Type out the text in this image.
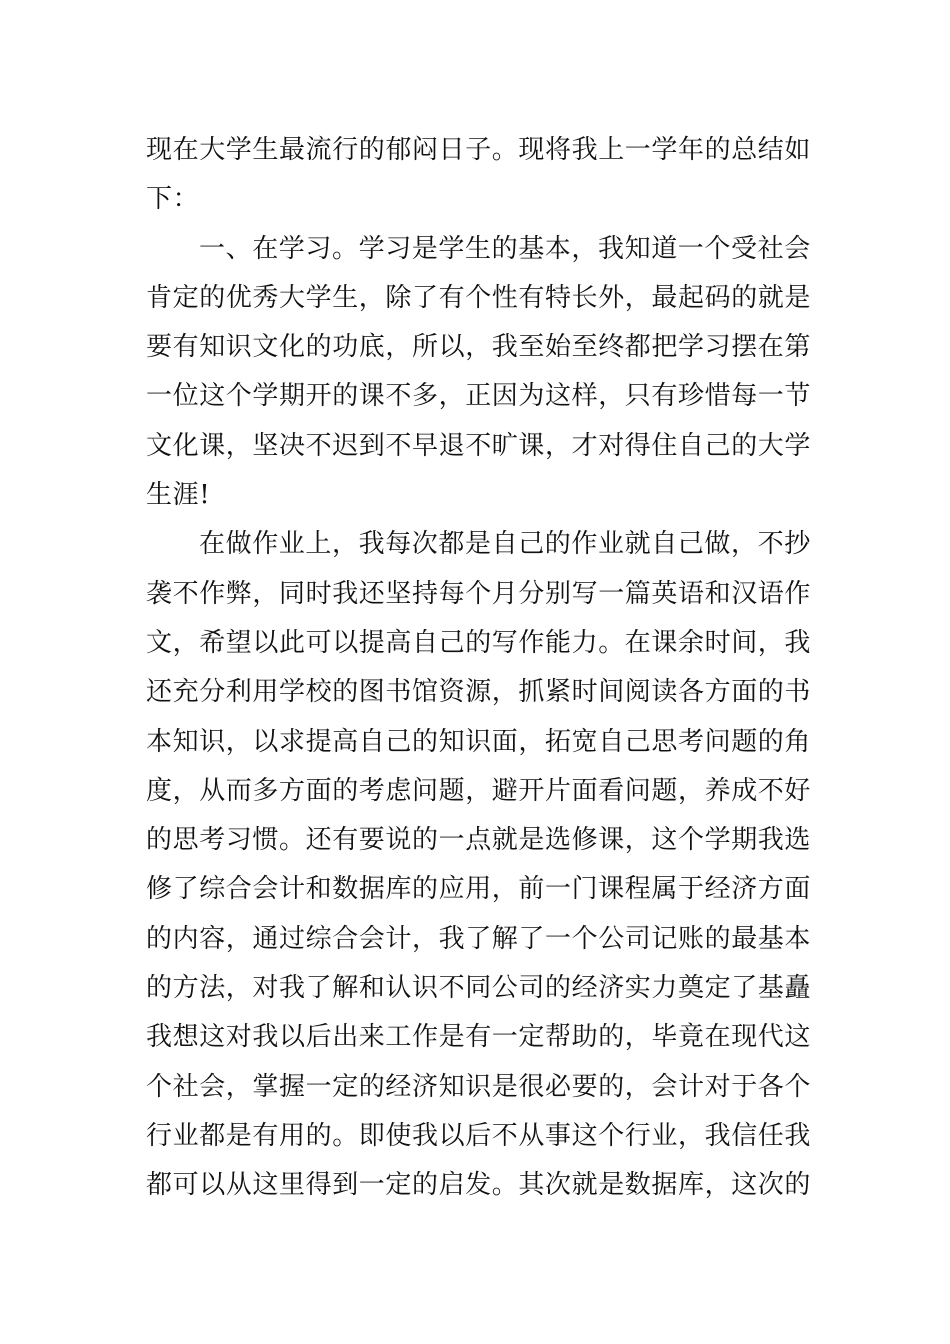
现在大学生最流行的郁闷日子。现将我上一学年的总结如
下：
一、在学习。学习是学生的基本，我知道一个受社会
肯定的优秀大学生，除了有个性有特长外，最起码的就是
要有知识文化的功底，所以，我至始至终都把学习摆在第
一位这个学期开的课不多，正因为这样，只有珍惜每一节
文化课，坚决不迟到不早退不旷课，才对得住自己的大学
生涯!
在做作业上，我每次都是自己的作业就自己做，不抄
袭不作弊，同时我还坚持每个月分别写一篇英语和汉语作
文，希望以此可以提高自己的写作能力。在课余时间，我
还充分利用学校的图书馆资源，抓紧时间阅读各方面的书
本知识，以求提高自己的知识面，拓宽自己思考问题的角
度，从而多方面的考虑问题，避开片面看问题，养成不好
的思考习惯。还有要说的一点就是选修课，这个学期我选
修了综合会计和数据库的应用，前一门课程属于经济方面
的内容，通过综合会计，我了解了一个公司记账的最基本
的方法，对我了解和认识不同公司的经济实力奠定了基矗
我想这对我以后出来工作是有一定帮助的，毕竟在现代这
个社会，掌握一定的经济知识是很必要的，会计对于各个
行业都是有用的。即使我以后不从事这个行业，我信任我
都可以从这里得到一定的启发。其次就是数据库，这次的
